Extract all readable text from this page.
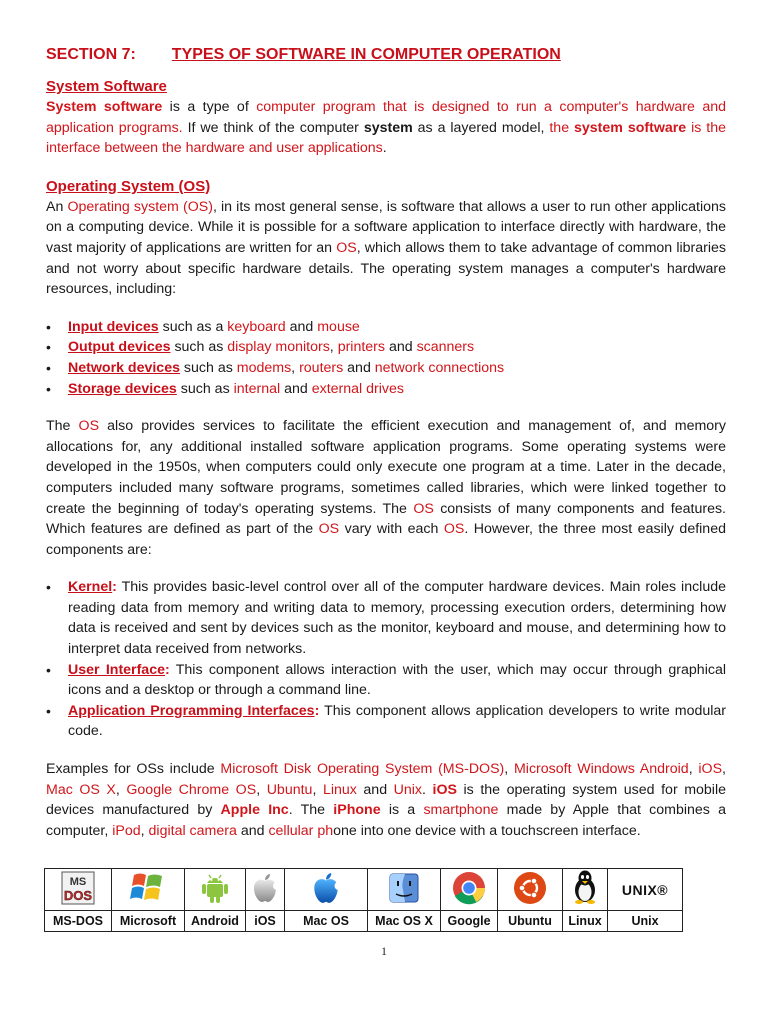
SECTION 7: TYPES OF SOFTWARE IN COMPUTER OPERATION
System Software

System software is a type of computer program that is designed to run a computer's hardware and application programs. If we think of the computer system as a layered model, the system software is the interface between the hardware and user applications.

Operating System (OS)

An Operating system (OS), in its most general sense, is software that allows a user to run other applications on a computing device. While it is possible for a software application to interface directly with hardware, the vast majority of applications are written for an OS, which allows them to take advantage of common libraries and not worry about specific hardware details. The operating system manages a computer's hardware resources, including:

• Input devices such as a keyboard and mouse
• Output devices such as display monitors, printers and scanners
• Network devices such as modems, routers and network connections
• Storage devices such as internal and external drives

The OS also provides services to facilitate the efficient execution and management of, and memory allocations for, any additional installed software application programs. Some operating systems were developed in the 1950s, when computers could only execute one program at a time. Later in the decade, computers included many software programs, sometimes called libraries, which were linked together to create the beginning of today's operating systems. The OS consists of many components and features. Which features are defined as part of the OS vary with each OS. However, the three most easily defined components are:

• Kernel: This provides basic-level control over all of the computer hardware devices. Main roles include reading data from memory and writing data to memory, processing execution orders, determining how data is received and sent by devices such as the monitor, keyboard and mouse, and determining how to interpret data received from networks.
• User Interface: This component allows interaction with the user, which may occur through graphical icons and a desktop or through a command line.
• Application Programming Interfaces: This component allows application developers to write modular code.

Examples for OSs include Microsoft Disk Operating System (MS-DOS), Microsoft Windows Android, iOS, Mac OS X, Google Chrome OS, Ubuntu, Linux and Unix. iOS is the operating system used for mobile devices manufactured by Apple Inc. The iPhone is a smartphone made by Apple that combines a computer, iPod, digital camera and cellular phone into one device with a touchscreen interface.

MS
DOS									UNIX®
MS-DOS	Microsoft	Android	iOS	Mac OS	Mac OS X	Google	Ubuntu	Linux	Unix
1
